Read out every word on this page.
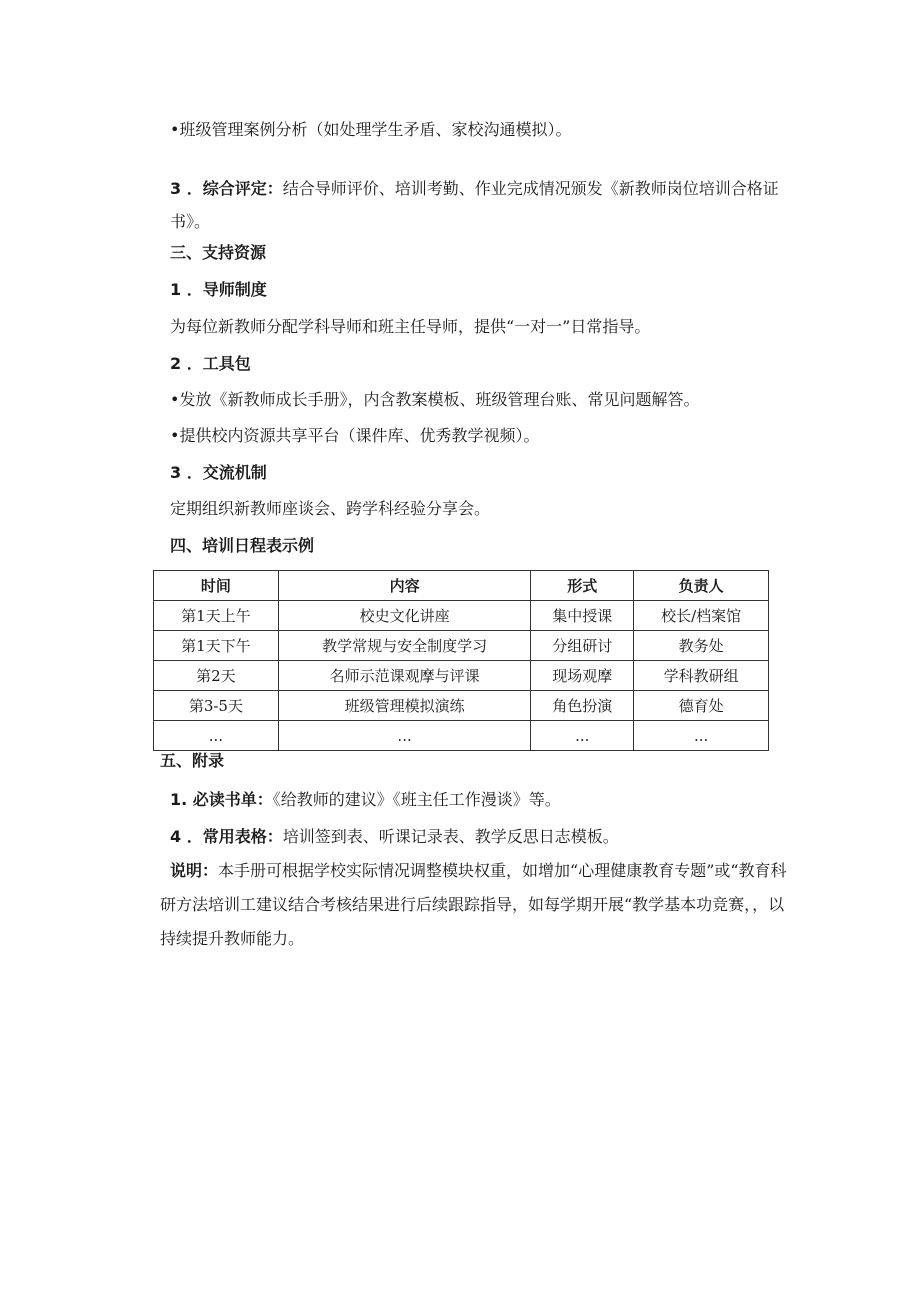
•班级管理案例分析（如处理学生矛盾、家校沟通模拟）。

3 ．综合评定：结合导师评价、培训考勤、作业完成情况颁发《新教师岗位培训合格证书》。

三、支持资源

1 ．导师制度

为每位新教师分配学科导师和班主任导师，提供“一对一”日常指导。

2 ．工具包

•发放《新教师成长手册》，内含教案模板、班级管理台账、常见问题解答。

•提供校内资源共享平台（课件库、优秀教学视频）。

3 ．交流机制

定期组织新教师座谈会、跨学科经验分享会。

四、培训日程表示例

时间	内容	形式	负责人
第1天上午	校史文化讲座	集中授课	校长/档案馆
第1天下午	教学常规与安全制度学习	分组研讨	教务处
第2天	名师示范课观摩与评课	现场观摩	学科教研组
第3-5天	班级管理模拟演练	角色扮演	德育处
...	...	...	...

五、附录

1. 必读书单：《给教师的建议》《班主任工作漫谈》等。

4 ．常用表格：培训签到表、听课记录表、教学反思日志模板。

说明：本手册可根据学校实际情况调整模块权重，如增加“心理健康教育专题”或“教育科研方法培训工建议结合考核结果进行后续跟踪指导，如每学期开展“教学基本功竞赛，，以持续提升教师能力。
